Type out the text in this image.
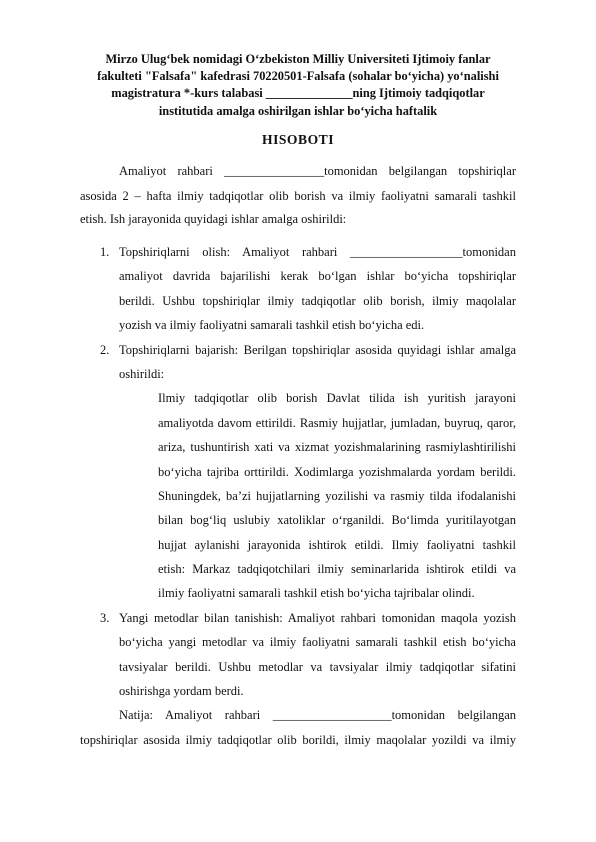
Mirzo Ulug‘bek nomidagi O‘zbekiston Milliy Universiteti Ijtimoiy fanlar
fakulteti "Falsafa" kafedrasi 70220501-Falsafa (sohalar bo‘yicha) yo‘nalishi
magistratura *-kurs talabasi ______________ning Ijtimoiy tadqiqotlar
institutida amalga oshirilgan ishlar bo‘yicha haftalik
HISOBOTI
Amaliyot rahbari ________________tomonidan belgilangan topshiriqlar
asosida 2 – hafta ilmiy tadqiqotlar olib borish va ilmiy faoliyatni samarali tashkil
etish. Ish jarayonida quyidagi ishlar amalga oshirildi:
1. Topshiriqlarni olish: Amaliyot rahbari __________________tomonidan
amaliyot davrida bajarilishi kerak bo‘lgan ishlar bo‘yicha topshiriqlar
berildi. Ushbu topshiriqlar ilmiy tadqiqotlar olib borish, ilmiy maqolalar
yozish va ilmiy faoliyatni samarali tashkil etish bo‘yicha edi.
2. Topshiriqlarni bajarish: Berilgan topshiriqlar asosida quyidagi ishlar amalga
oshirildi:
Ilmiy tadqiqotlar olib borish Davlat tilida ish yuritish jarayoni
amaliyotda davom ettirildi. Rasmiy hujjatlar, jumladan, buyruq, qaror,
ariza, tushuntirish xati va xizmat yozishmalarining rasmiylashtirilishi
bo‘yicha tajriba orttirildi. Xodimlarga yozishmalarda yordam berildi.
Shuningdek, ba’zi hujjatlarning yozilishi va rasmiy tilda ifodalanishi
bilan bog‘liq uslubiy xatoliklar o‘rganildi. Bo‘limda yuritilayotgan
hujjat aylanishi jarayonida ishtirok etildi. Ilmiy faoliyatni tashkil
etish: Markaz tadqiqotchilari ilmiy seminarlarida ishtirok etildi va
ilmiy faoliyatni samarali tashkil etish bo‘yicha tajribalar olindi.
3. Yangi metodlar bilan tanishish: Amaliyot rahbari tomonidan maqola yozish
bo‘yicha yangi metodlar va ilmiy faoliyatni samarali tashkil etish bo‘yicha
tavsiyalar berildi. Ushbu metodlar va tavsiyalar ilmiy tadqiqotlar sifatini
oshirishga yordam berdi.
Natija: Amaliyot rahbari ___________________tomonidan belgilangan
topshiriqlar asosida ilmiy tadqiqotlar olib borildi, ilmiy maqolalar yozildi va ilmiy
